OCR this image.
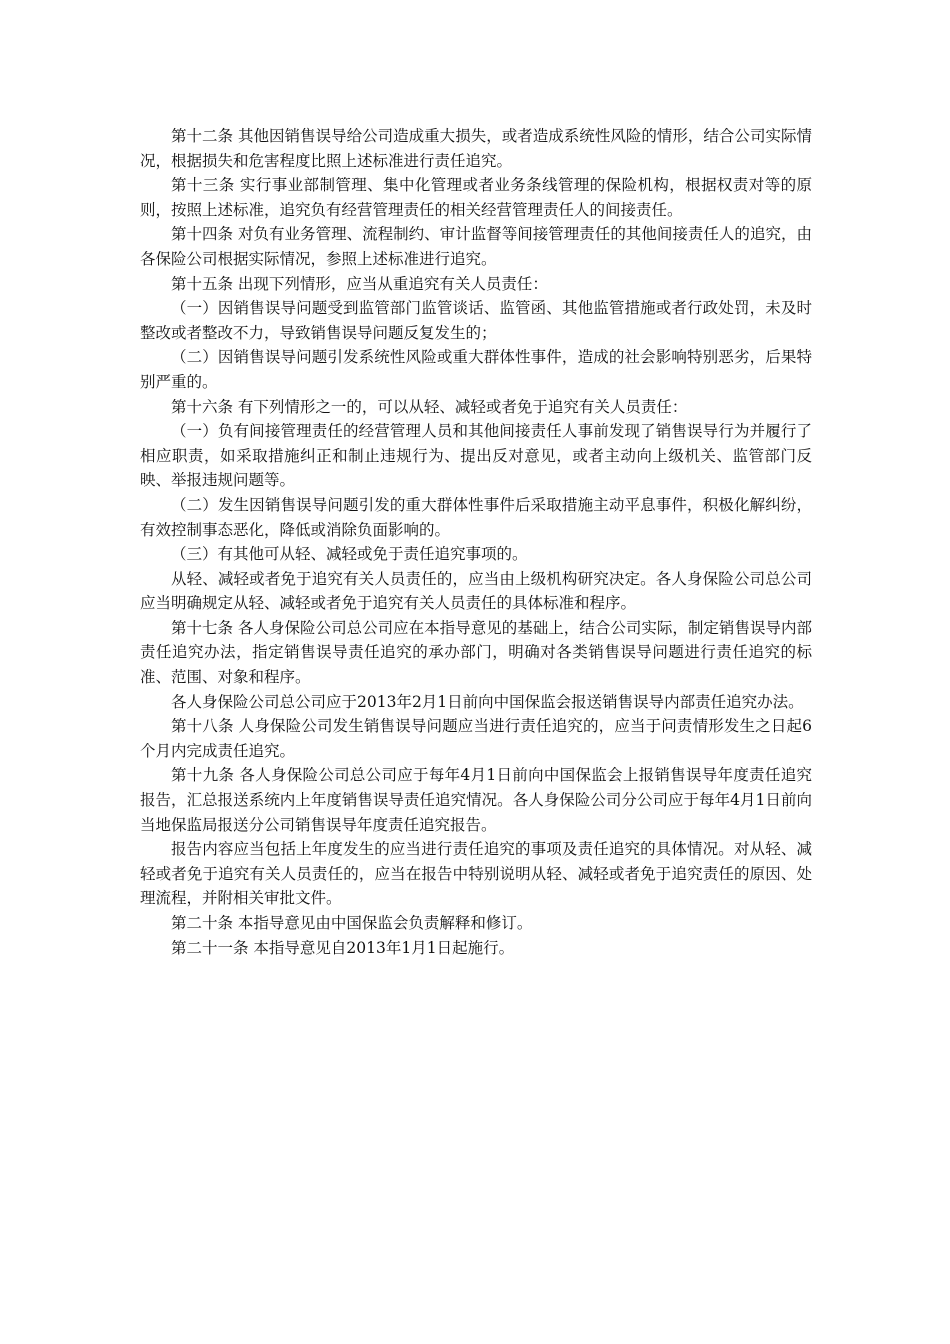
第十二条 其他因销售误导给公司造成重大损失，或者造成系统性风险的情形，结合公司实际情况，根据损失和危害程度比照上述标准进行责任追究。

第十三条 实行事业部制管理、集中化管理或者业务条线管理的保险机构，根据权责对等的原则，按照上述标准，追究负有经营管理责任的相关经营管理责任人的间接责任。

第十四条 对负有业务管理、流程制约、审计监督等间接管理责任的其他间接责任人的追究，由各保险公司根据实际情况，参照上述标准进行追究。

第十五条 出现下列情形，应当从重追究有关人员责任：

（一）因销售误导问题受到监管部门监管谈话、监管函、其他监管措施或者行政处罚，未及时整改或者整改不力，导致销售误导问题反复发生的；

（二）因销售误导问题引发系统性风险或重大群体性事件，造成的社会影响特别恶劣，后果特别严重的。

第十六条 有下列情形之一的，可以从轻、减轻或者免于追究有关人员责任：

（一）负有间接管理责任的经营管理人员和其他间接责任人事前发现了销售误导行为并履行了相应职责，如采取措施纠正和制止违规行为、提出反对意见，或者主动向上级机关、监管部门反映、举报违规问题等。

（二）发生因销售误导问题引发的重大群体性事件后采取措施主动平息事件，积极化解纠纷，有效控制事态恶化，降低或消除负面影响的。

（三）有其他可从轻、减轻或免于责任追究事项的。

从轻、减轻或者免于追究有关人员责任的，应当由上级机构研究决定。各人身保险公司总公司应当明确规定从轻、减轻或者免于追究有关人员责任的具体标准和程序。

第十七条 各人身保险公司总公司应在本指导意见的基础上，结合公司实际，制定销售误导内部责任追究办法，指定销售误导责任追究的承办部门，明确对各类销售误导问题进行责任追究的标准、范围、对象和程序。

各人身保险公司总公司应于2013年2月1日前向中国保监会报送销售误导内部责任追究办法。

第十八条 人身保险公司发生销售误导问题应当进行责任追究的，应当于问责情形发生之日起6个月内完成责任追究。

第十九条 各人身保险公司总公司应于每年4月1日前向中国保监会上报销售误导年度责任追究报告，汇总报送系统内上年度销售误导责任追究情况。各人身保险公司分公司应于每年4月1日前向当地保监局报送分公司销售误导年度责任追究报告。

报告内容应当包括上年度发生的应当进行责任追究的事项及责任追究的具体情况。对从轻、减轻或者免于追究有关人员责任的，应当在报告中特别说明从轻、减轻或者免于追究责任的原因、处理流程，并附相关审批文件。

第二十条 本指导意见由中国保监会负责解释和修订。

第二十一条 本指导意见自2013年1月1日起施行。
